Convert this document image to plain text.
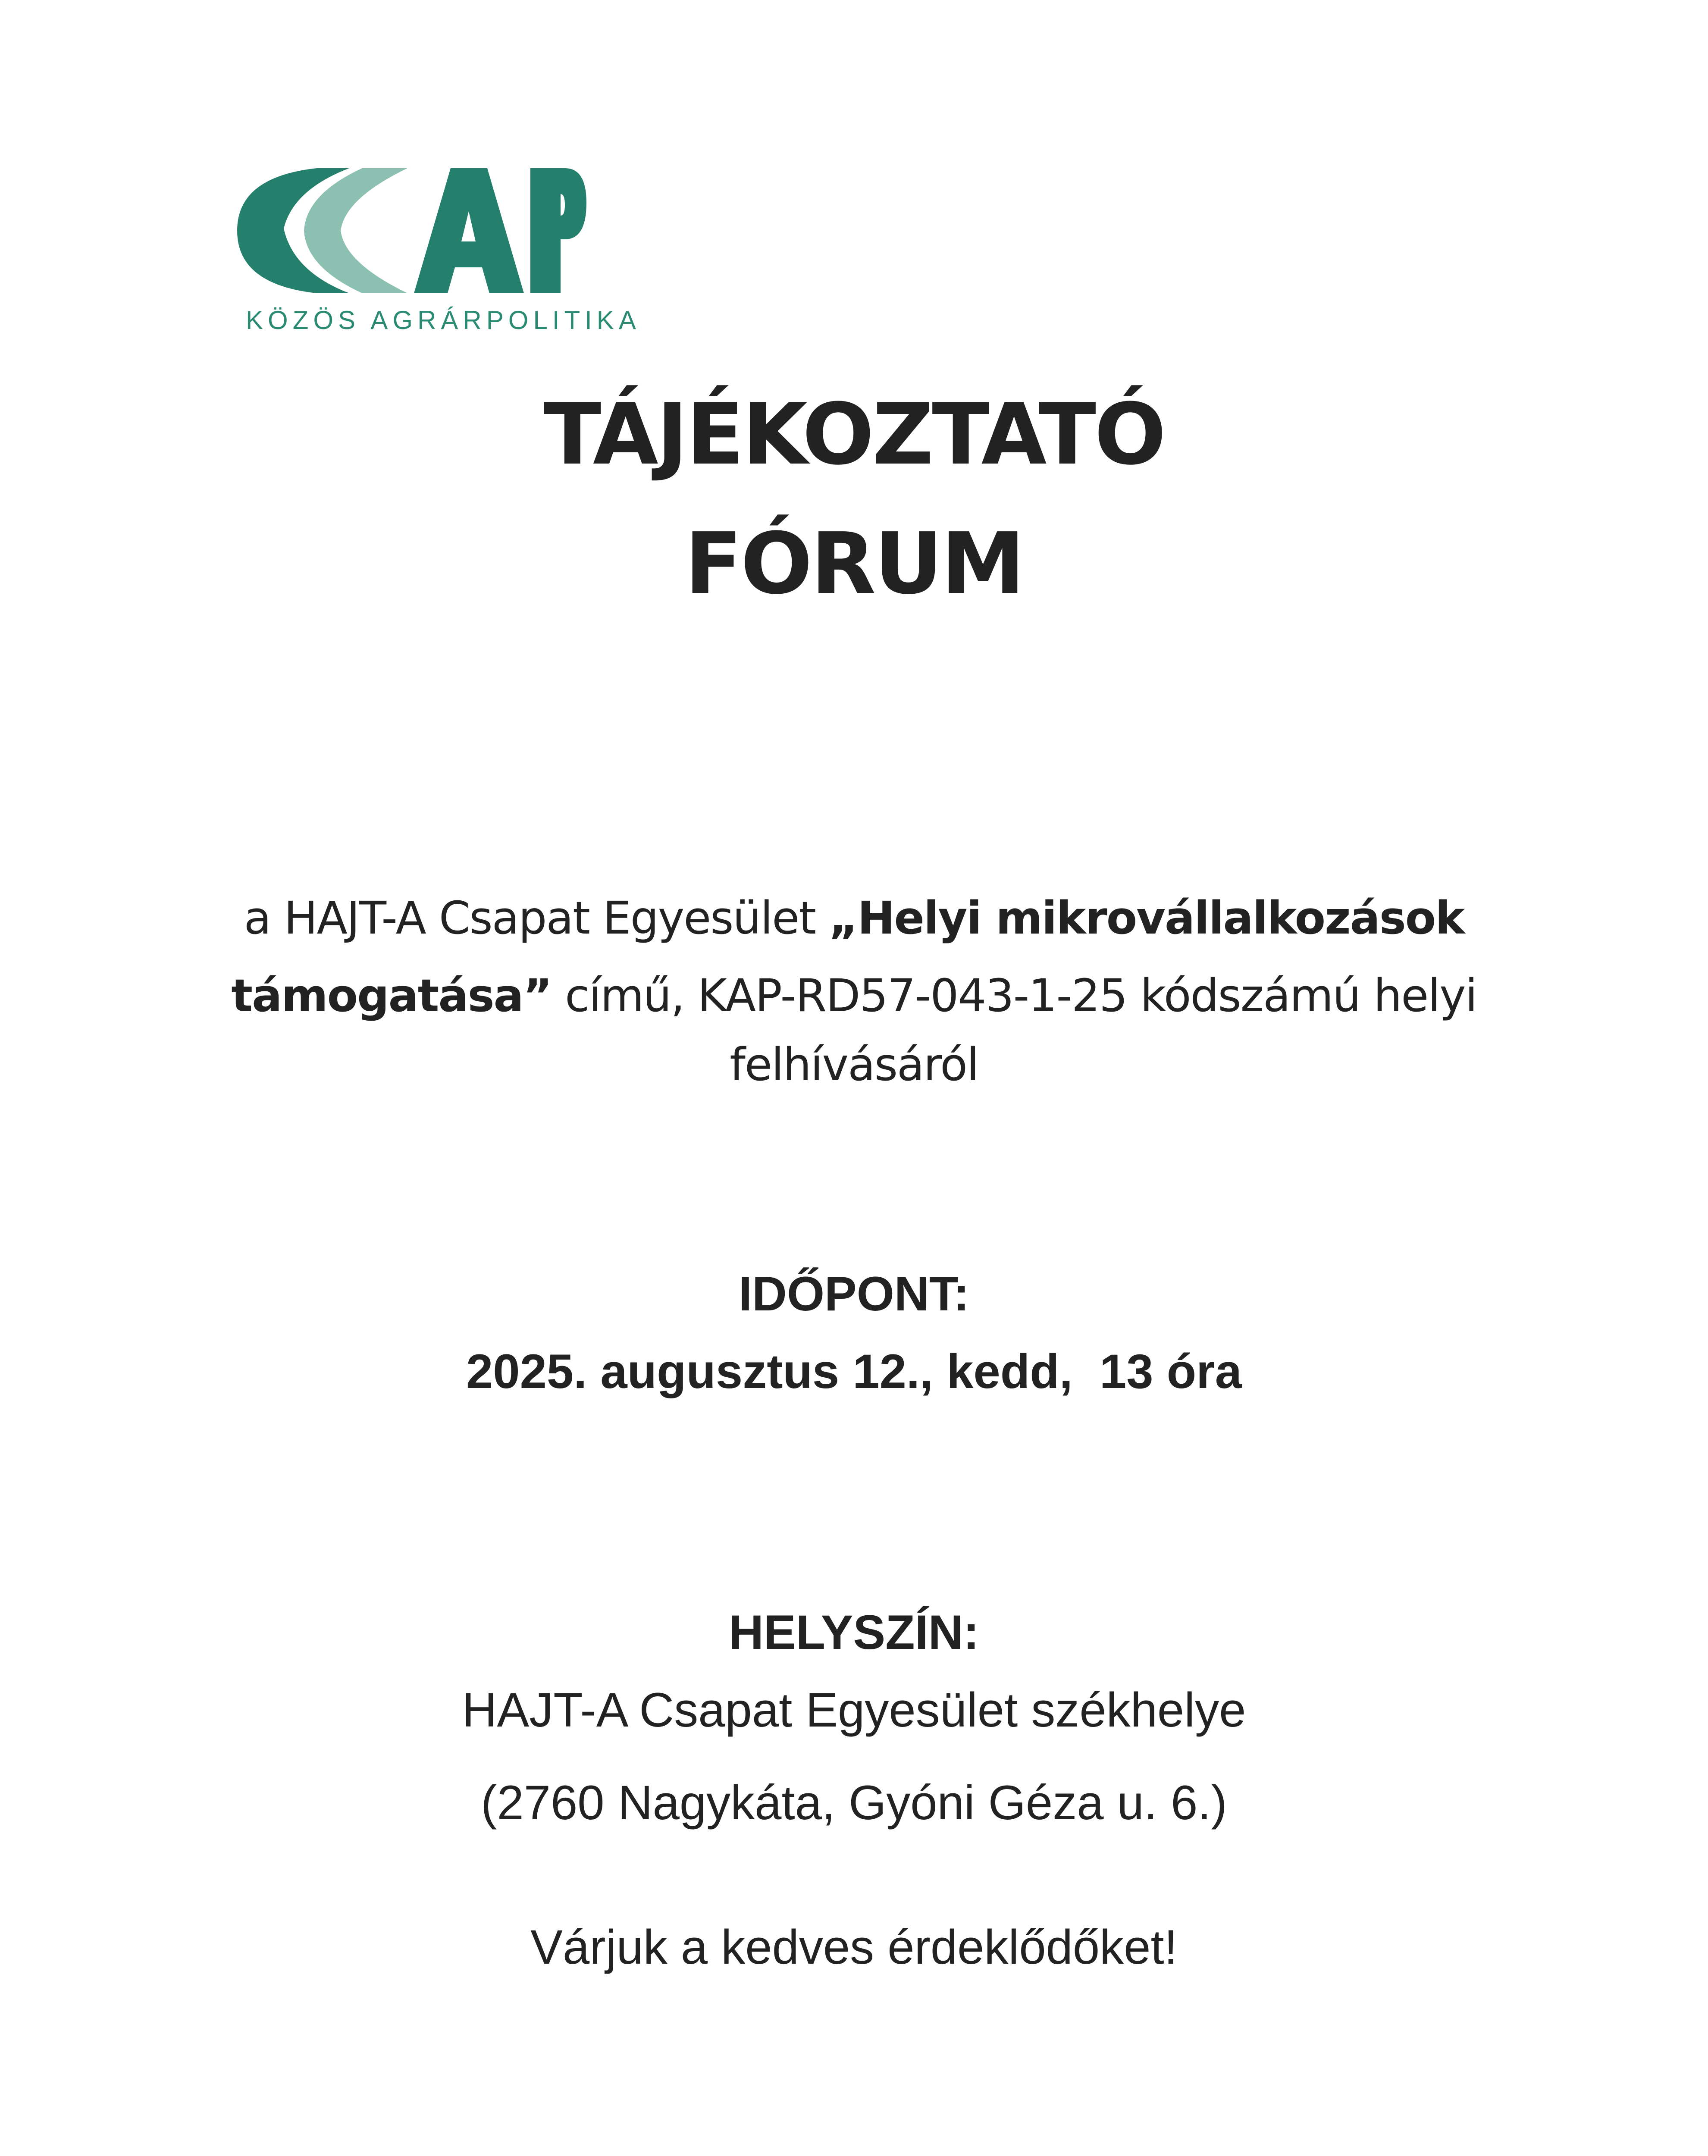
KÖZÖS AGRÁRPOLITIKA
TÁJÉKOZTATÓ
FÓRUM
a HAJT-A Csapat Egyesület „Helyi mikrovállalkozások
támogatása” című, KAP-RD57-043-1-25 kódszámú helyi
felhívásáról
IDŐPONT:
2025. augusztus 12., kedd,  13 óra
HELYSZÍN:
HAJT-A Csapat Egyesület székhelye
(2760 Nagykáta, Gyóni Géza u. 6.)
Várjuk a kedves érdeklődőket!
